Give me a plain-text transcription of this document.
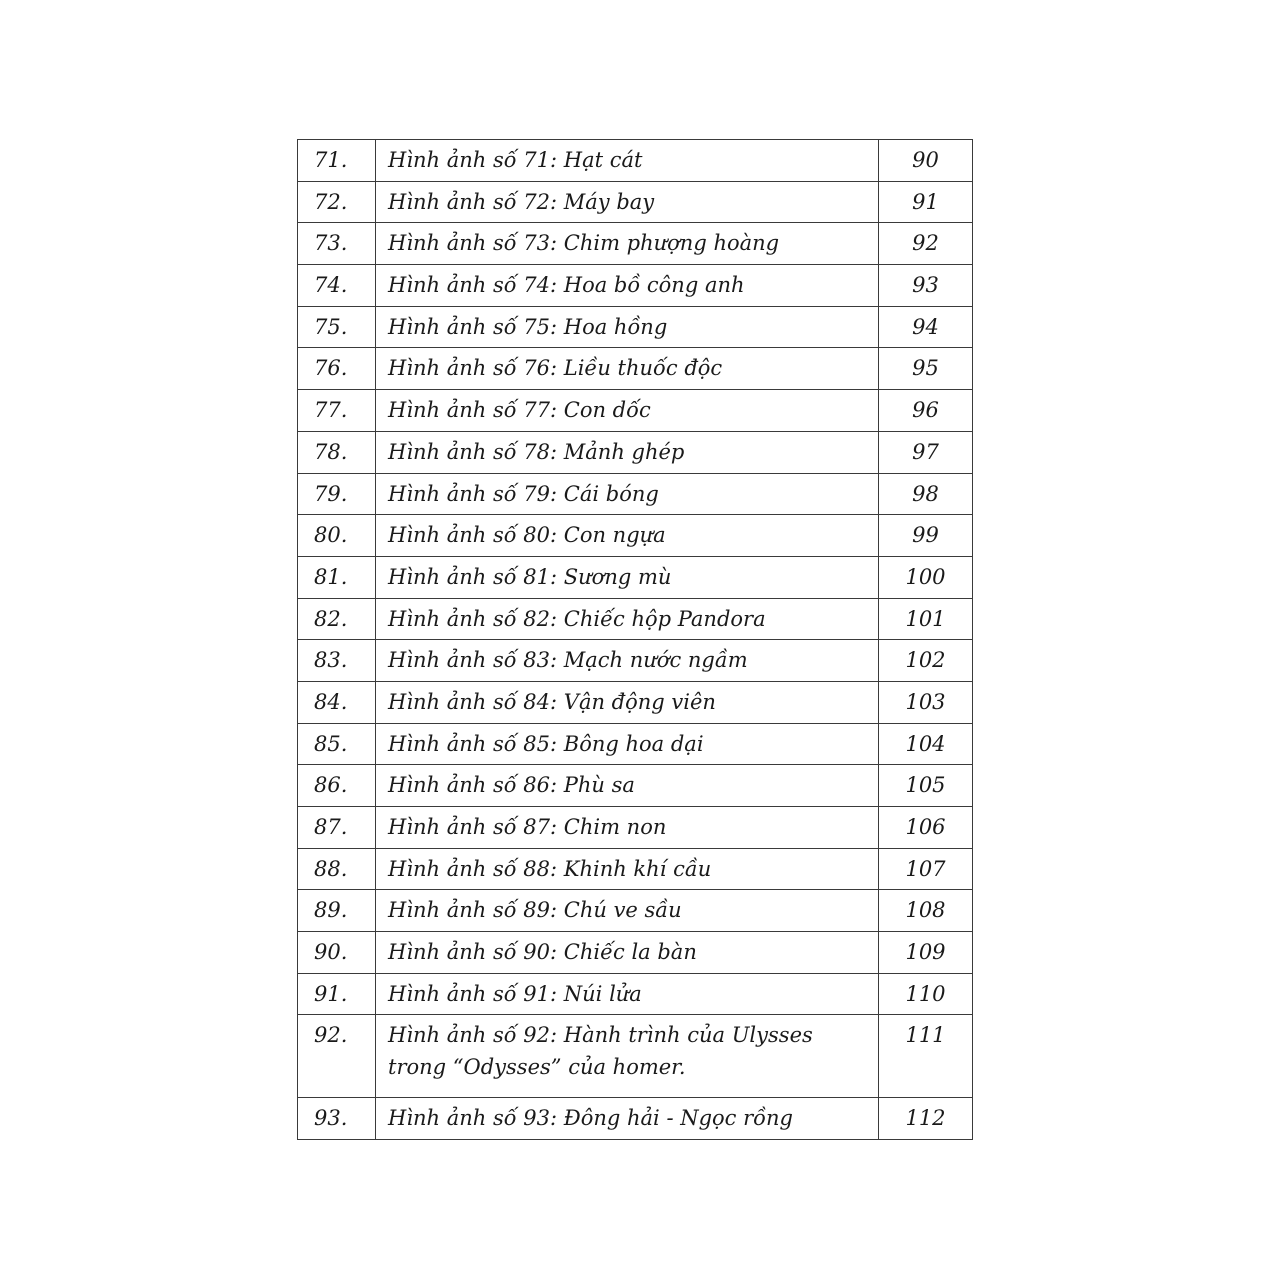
71.	Hình ảnh số 71: Hạt cát	90
72.	Hình ảnh số 72: Máy bay	91
73.	Hình ảnh số 73: Chim phượng hoàng	92
74.	Hình ảnh số 74: Hoa bồ công anh	93
75.	Hình ảnh số 75: Hoa hồng	94
76.	Hình ảnh số 76: Liều thuốc độc	95
77.	Hình ảnh số 77: Con dốc	96
78.	Hình ảnh số 78: Mảnh ghép	97
79.	Hình ảnh số 79: Cái bóng	98
80.	Hình ảnh số 80: Con ngựa	99
81.	Hình ảnh số 81: Sương mù	100
82.	Hình ảnh số 82: Chiếc hộp Pandora	101
83.	Hình ảnh số 83: Mạch nước ngầm	102
84.	Hình ảnh số 84: Vận động viên	103
85.	Hình ảnh số 85: Bông hoa dại	104
86.	Hình ảnh số 86: Phù sa	105
87.	Hình ảnh số 87: Chim non	106
88.	Hình ảnh số 88: Khinh khí cầu	107
89.	Hình ảnh số 89: Chú ve sầu	108
90.	Hình ảnh số 90: Chiếc la bàn	109
91.	Hình ảnh số 91: Núi lửa	110
92.	Hình ảnh số 92: Hành trình của Ulysses trong “Odysses” của homer.	111
93.	Hình ảnh số 93: Đông hải - Ngọc rồng	112
